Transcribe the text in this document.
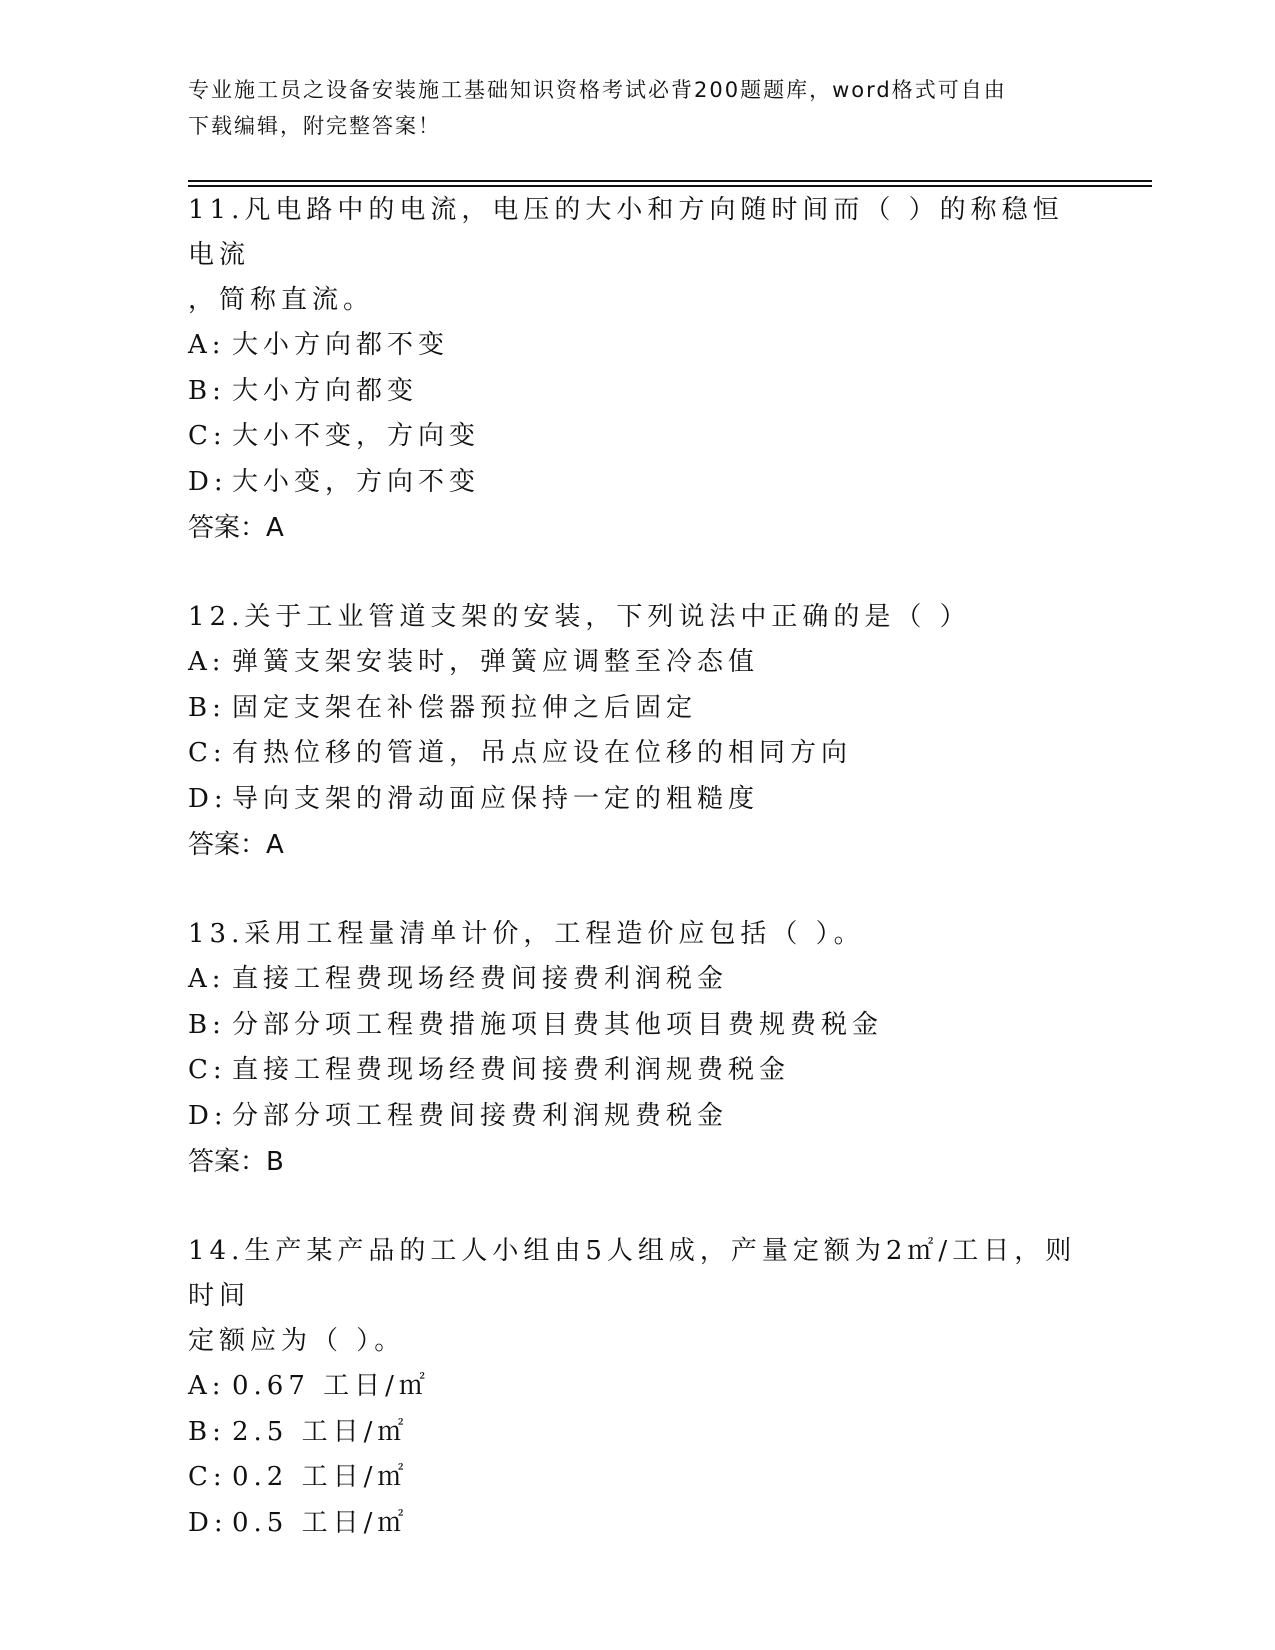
专业施工员之设备安装施工基础知识资格考试必背200题题库，word格式可自由
下载编辑，附完整答案！

11.凡电路中的电流，电压的大小和方向随时间而（ ）的称稳恒电流
，简称直流。

A: 大小方向都不变

B: 大小方向都变

C: 大小不变，方向变

D: 大小变，方向不变

答案：A

12.关于工业管道支架的安装，下列说法中正确的是（ ）

A: 弹簧支架安装时，弹簧应调整至冷态值

B: 固定支架在补偿器预拉伸之后固定

C: 有热位移的管道，吊点应设在位移的相同方向

D: 导向支架的滑动面应保持一定的粗糙度

答案：A

13.采用工程量清单计价，工程造价应包括（ ）。

A: 直接工程费现场经费间接费利润税金

B: 分部分项工程费措施项目费其他项目费规费税金

C: 直接工程费现场经费间接费利润规费税金

D: 分部分项工程费间接费利润规费税金

答案：B

14.生产某产品的工人小组由5人组成，产量定额为2㎡/工日，则时间
定额应为（ ）。

A: 0.67 工日/㎡

B: 2.5 工日/㎡

C: 0.2 工日/㎡

D: 0.5 工日/㎡
